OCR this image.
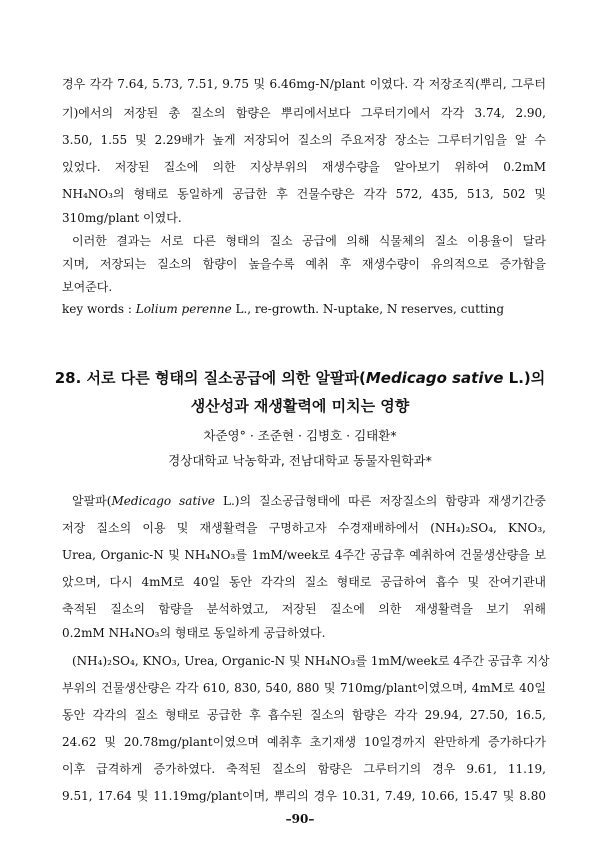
경우 각각 7.64, 5.73, 7.51, 9.75 및 6.46mg-N/plant 이였다. 각 저장조직(뿌리, 그루터
기)에서의 저장된 총 질소의 함량은 뿌리에서보다 그루터기에서 각각 3.74, 2.90,
3.50, 1.55 및 2.29배가 높게 저장되어 질소의 주요저장 장소는 그루터기임을 알 수
있었다. 저장된 질소에 의한 지상부위의 재생수량을 알아보기 위하여 0.2mM
NH₄NO₃의 형태로 동일하게 공급한 후 건물수량은 각각 572, 435, 513, 502 및
310mg/plant 이였다.
이러한 결과는 서로 다른 형태의 질소 공급에 의해 식물체의 질소 이용율이 달라
지며, 저장되는 질소의 함량이 높을수록 예취 후 재생수량이 유의적으로 증가함을
보여준다.
key words : Lolium perenne L., re-growth. N-uptake, N reserves, cutting
28. 서로 다른 형태의 질소공급에 의한 알팔파(Medicago sative L.)의
생산성과 재생활력에 미치는 영향
차준영° · 조준현 · 김병호 · 김태환*
경상대학교 낙농학과, 전남대학교 동물자원학과*
알팔파(Medicago sative L.)의 질소공급형태에 따른 저장질소의 함량과 재생기간중
저장 질소의 이용 및 재생활력을 구명하고자 수경재배하에서 (NH₄)₂SO₄, KNO₃,
Urea, Organic-N 및 NH₄NO₃를 1mM/week로 4주간 공급후 예취하여 건물생산량을 보
았으며, 다시 4mM로 40일 동안 각각의 질소 형태로 공급하여 흡수 및 잔여기관내
축적된 질소의 함량을 분석하였고, 저장된 질소에 의한 재생활력을 보기 위해
0.2mM NH₄NO₃의 형태로 동일하게 공급하였다.
(NH₄)₂SO₄, KNO₃, Urea, Organic-N 및 NH₄NO₃를 1mM/week로 4주간 공급후 지상
부위의 건물생산량은 각각 610, 830, 540, 880 및 710mg/plant이였으며, 4mM로 40일
동안 각각의 질소 형태로 공급한 후 흡수된 질소의 함량은 각각 29.94, 27.50, 16.5,
24.62 및 20.78mg/plant이였으며 예취후 초기재생 10일경까지 완만하게 증가하다가
이후 급격하게 증가하였다. 축적된 질소의 함량은 그루터기의 경우 9.61, 11.19,
9.51, 17.64 및 11.19mg/plant이며, 뿌리의 경우 10.31, 7.49, 10.66, 15.47 및 8.80
–90–
